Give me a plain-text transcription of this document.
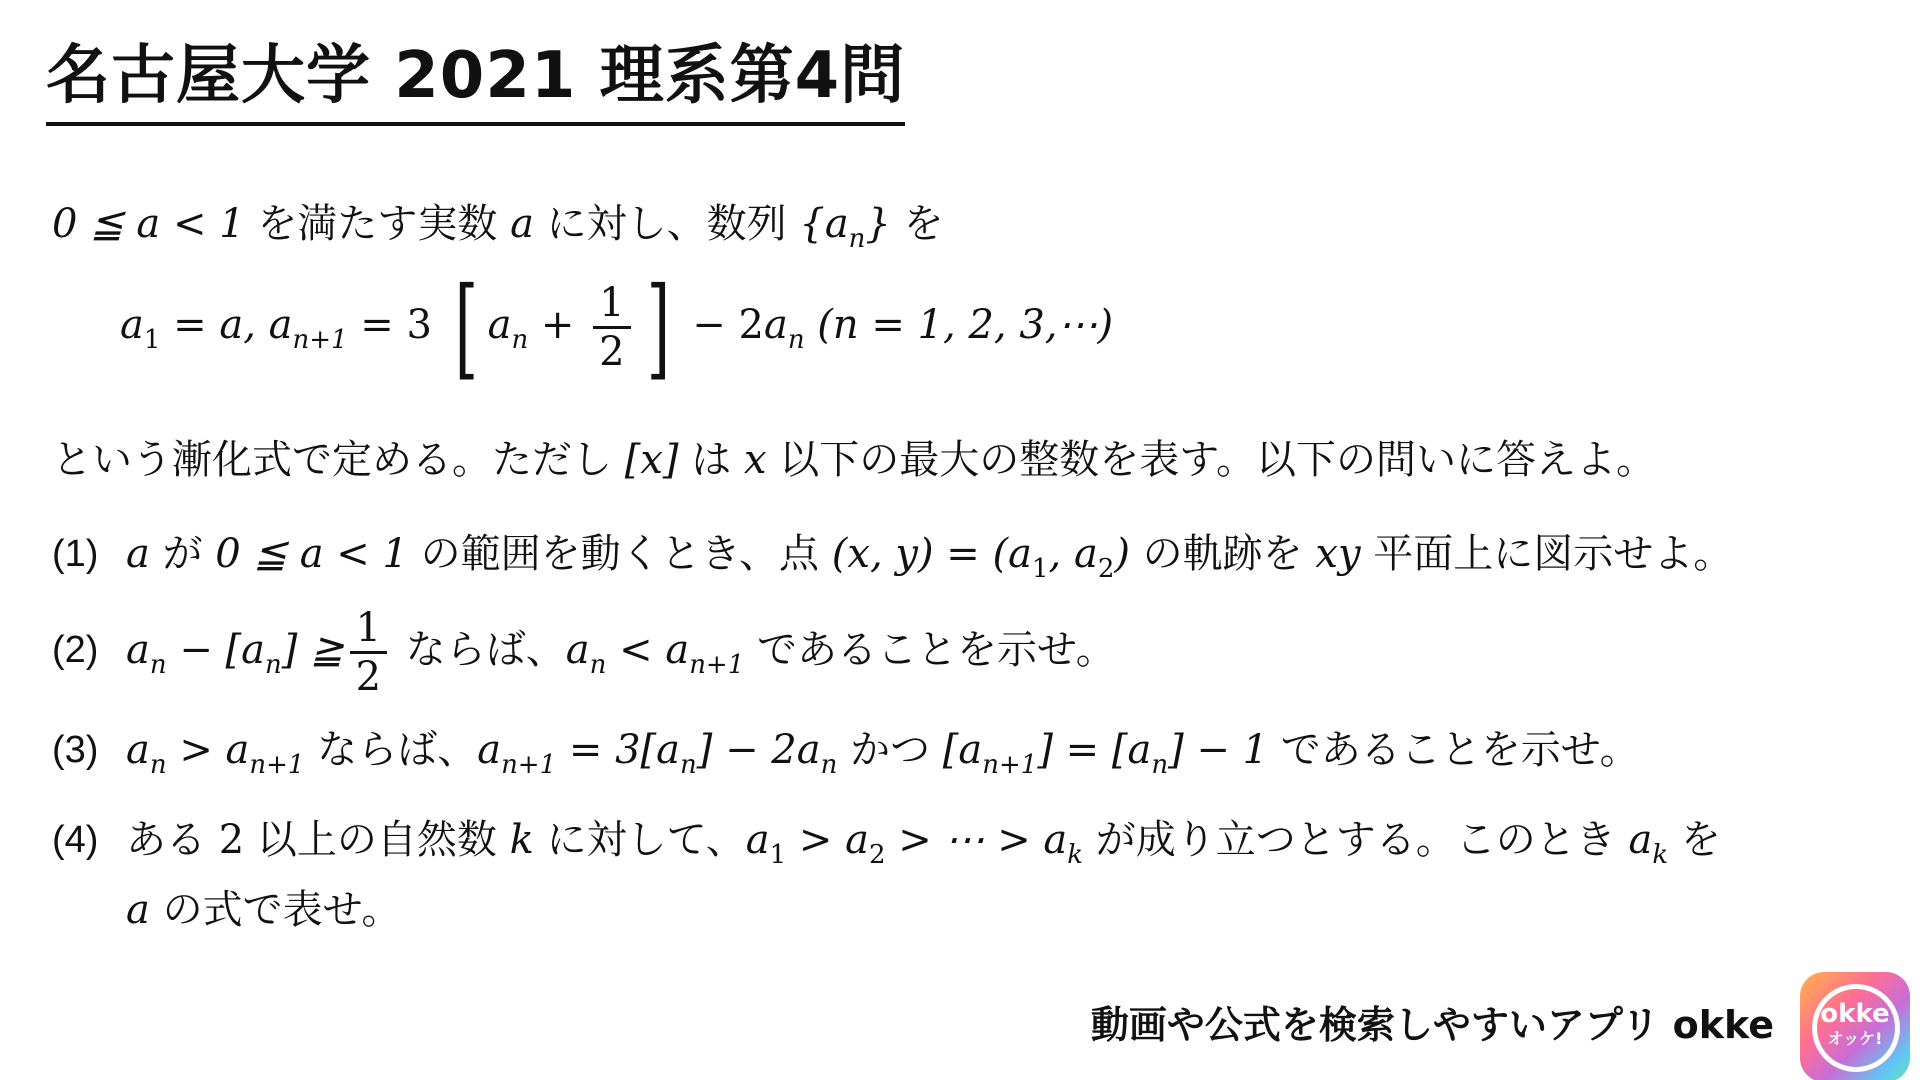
名古屋大学 2021 理系第4問
0 ≦ a < 1 を満たす実数 a に対し、数列 $\{a_n\}$ を
$a_1 = a$, $a_{n+1} = 3$ [ $a_n + \frac{1}{2}$ ] − $2a_n$ (n = 1, 2, 3,⋯)
という漸化式で定める。ただし [x] は x 以下の最大の整数を表す。以下の問いに答えよ。
(1) a が 0 ≦ a < 1 の範囲を動くとき、点 (x, $y) = (a_1$, $a_2$) の軌跡を xy 平面上に図示せよ。
(2) $a_n - [a_n]$ ≧ $\frac{1}{2}$ ならば、$a_n < a_{n+1}$ であることを示せ。
(3) $a_n > a_{n+1}$ ならば、$a_{n+1} = 3[a_n] - 2a_n$ かつ $[a_{n+1}] = [a_n] - 1$ であることを示せ。
(4) ある 2 以上の自然数 k に対して、$a_1 > a_2$ > ⋯ > $a_k$ が成り立つとする。このとき $a_k$ を
a の式で表せ。
動画や公式を検索しやすいアプリ okke	okke
オッケ!
